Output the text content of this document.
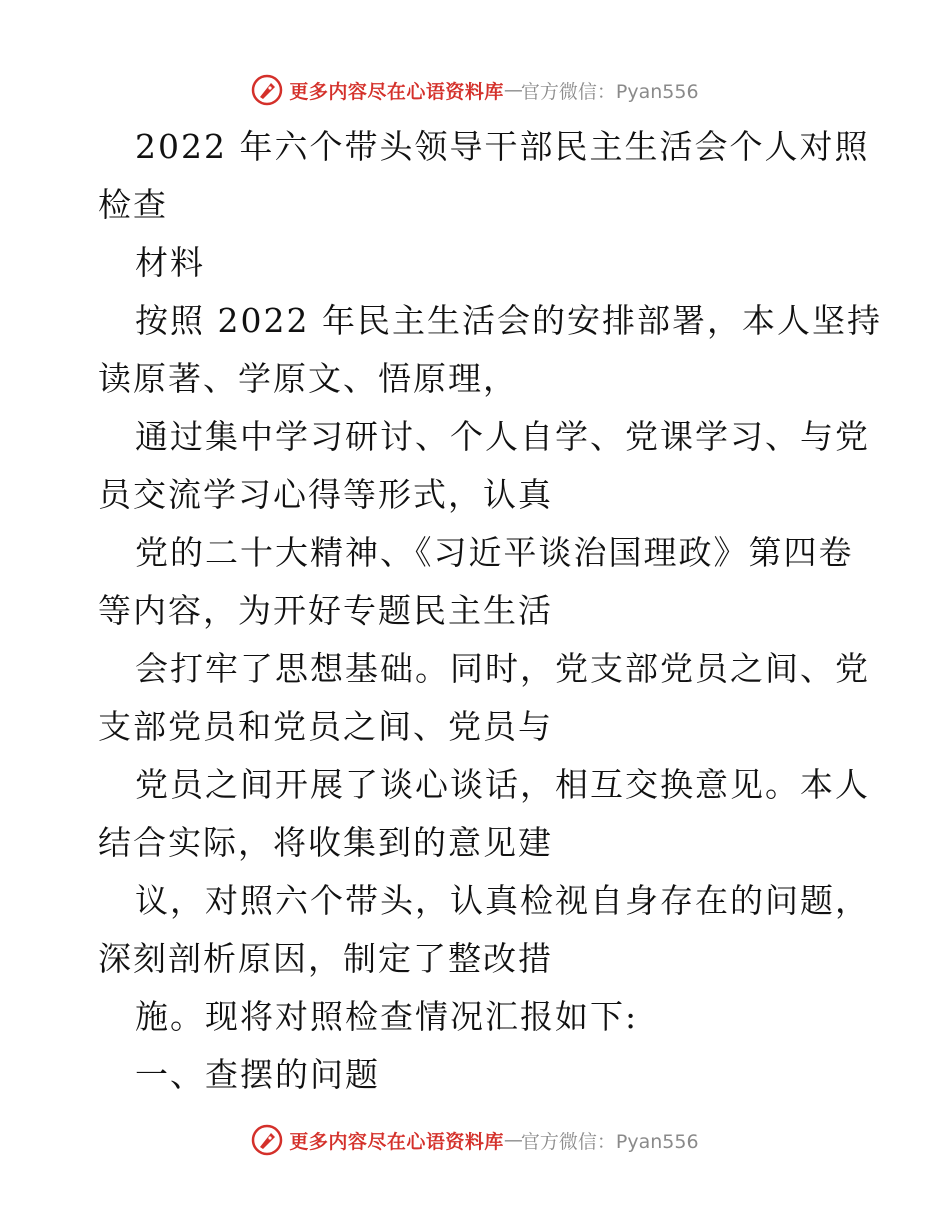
更多内容尽在心语资料库 — 官方微信：Pyan556

2022 年六个带头领导干部民主生活会个人对照
检查

材料

按照 2022 年民主生活会的安排部署，本人坚持
读原著、学原文、悟原理，

通过集中学习研讨、个人自学、党课学习、与党
员交流学习心得等形式，认真

党的二十大精神、《习近平谈治国理政》第四卷
等内容，为开好专题民主生活

会打牢了思想基础。同时，党支部党员之间、党
支部党员和党员之间、党员与

党员之间开展了谈心谈话，相互交换意见。本人
结合实际，将收集到的意见建

议，对照六个带头，认真检视自身存在的问题，
深刻剖析原因，制定了整改措

施。现将对照检查情况汇报如下:

一、查摆的问题

更多内容尽在心语资料库 — 官方微信：Pyan556
